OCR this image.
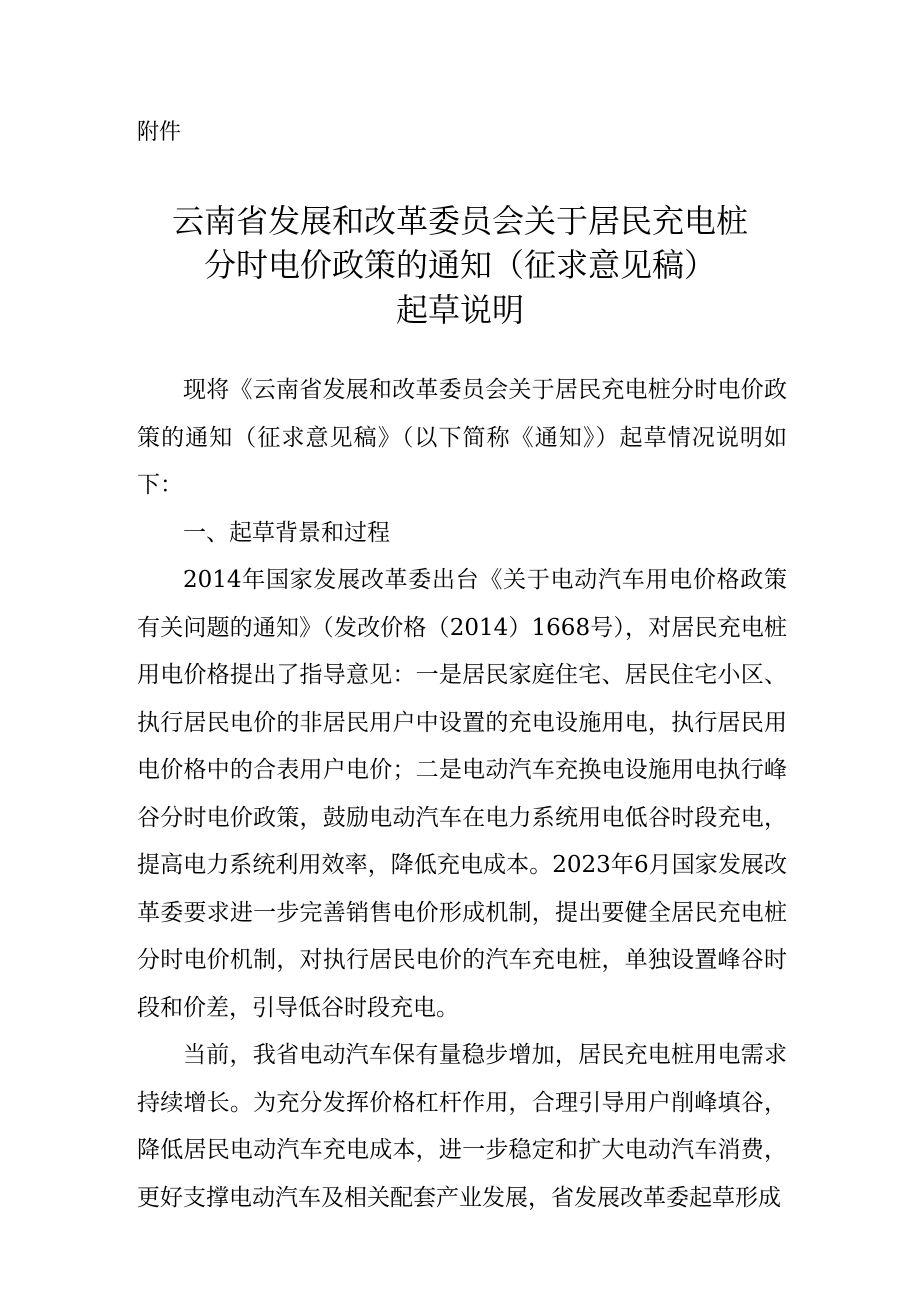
附件
云南省发展和改革委员会关于居民充电桩
分时电价政策的通知（征求意见稿）
起草说明

现将《云南省发展和改革委员会关于居民充电桩分时电价政策的通知（征求意见稿》（以下简称《通知》）起草情况说明如下：

一、起草背景和过程

2014年国家发展改革委出台《关于电动汽车用电价格政策有关问题的通知》（发改价格（2014）1668号），对居民充电桩用电价格提出了指导意见：一是居民家庭住宅、居民住宅小区、执行居民电价的非居民用户中设置的充电设施用电，执行居民用电价格中的合表用户电价；二是电动汽车充换电设施用电执行峰谷分时电价政策，鼓励电动汽车在电力系统用电低谷时段充电，提高电力系统利用效率，降低充电成本。2023年6月国家发展改革委要求进一步完善销售电价形成机制，提出要健全居民充电桩分时电价机制，对执行居民电价的汽车充电桩，单独设置峰谷时段和价差，引导低谷时段充电。

当前，我省电动汽车保有量稳步增加，居民充电桩用电需求持续增长。为充分发挥价格杠杆作用，合理引导用户削峰填谷，降低居民电动汽车充电成本，进一步稳定和扩大电动汽车消费，更好支撑电动汽车及相关配套产业发展，省发展改革委起草形成
